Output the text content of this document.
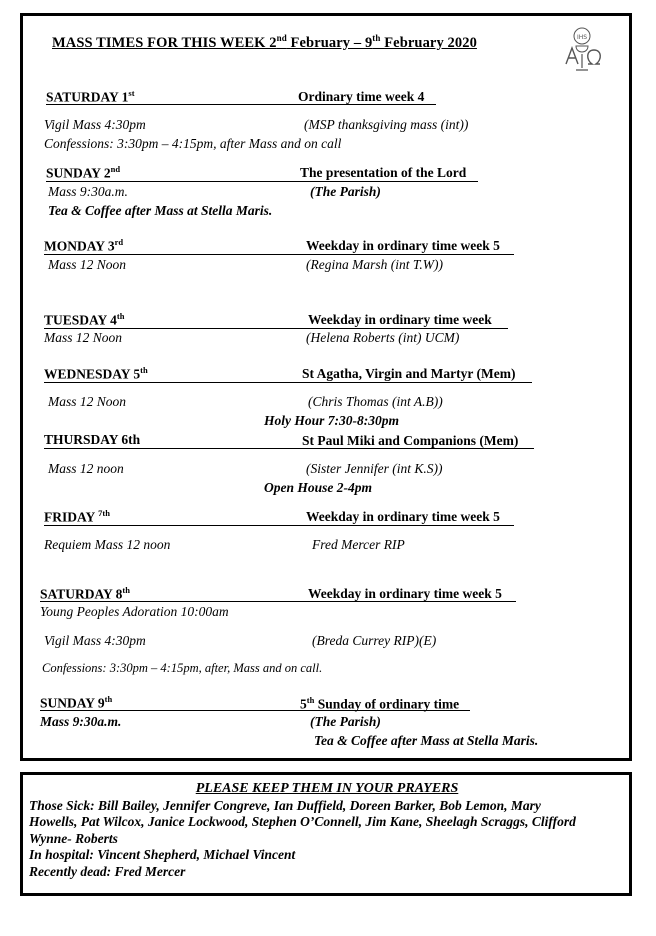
MASS TIMES FOR THIS WEEK 2nd February – 9th February 2020	IHS
SATURDAY 1st	Ordinary time week 4
Vigil Mass 4:30pm	(MSP thanksgiving mass (int))
Confessions: 3:30pm – 4:15pm, after Mass and on call
SUNDAY 2nd	The presentation of the Lord
Mass 9:30a.m.	(The Parish)
Tea & Coffee after Mass at Stella Maris.
MONDAY 3rd	Weekday in ordinary time week 5
Mass 12 Noon	(Regina Marsh (int T.W))
TUESDAY 4th	Weekday in ordinary time week
Mass 12 Noon	(Helena Roberts (int) UCM)
WEDNESDAY 5th	St Agatha, Virgin and Martyr (Mem)
Mass 12 Noon	(Chris Thomas (int A.B))
Holy Hour 7:30-8:30pm
THURSDAY 6th	St Paul Miki and Companions (Mem)
Mass 12 noon	(Sister Jennifer (int K.S))
Open House 2-4pm
FRIDAY $^{7th}$	Weekday in ordinary time week 5
Requiem Mass 12 noon	Fred Mercer RIP
SATURDAY 8th	Weekday in ordinary time week 5
Young Peoples Adoration 10:00am
Vigil Mass 4:30pm	(Breda Currey RIP)(E)
Confessions: 3:30pm – 4:15pm, after, Mass and on call.
SUNDAY 9th	5th Sunday of ordinary time
Mass 9:30a.m.	(The Parish)
Tea & Coffee after Mass at Stella Maris.
PLEASE KEEP THEM IN YOUR PRAYERS
Those Sick: Bill Bailey, Jennifer Congreve, Ian Duffield, Doreen Barker, Bob Lemon, Mary
Howells, Pat Wilcox, Janice Lockwood, Stephen O’Connell, Jim Kane, Sheelagh Scraggs, Clifford
Wynne- Roberts
In hospital: Vincent Shepherd, Michael Vincent
Recently dead: Fred Mercer
